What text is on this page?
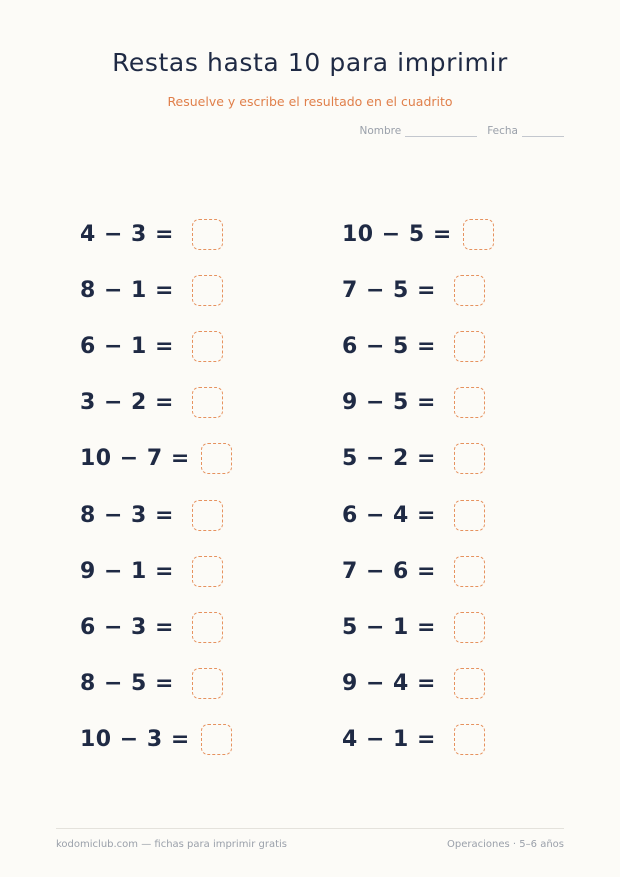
Restas hasta 10 para imprimir

Resuelve y escribe el resultado en el cuadrito

Nombre	Fecha
4 − 3 =
8 − 1 =
6 − 1 =
3 − 2 =
10 − 7 =
8 − 3 =
9 − 1 =
6 − 3 =
8 − 5 =
10 − 3 =
10 − 5 =
7 − 5 =
6 − 5 =
9 − 5 =
5 − 2 =
6 − 4 =
7 − 6 =
5 − 1 =
9 − 4 =
4 − 1 =
kodomiclub.com — fichas para imprimir gratis	Operaciones · 5–6 años
